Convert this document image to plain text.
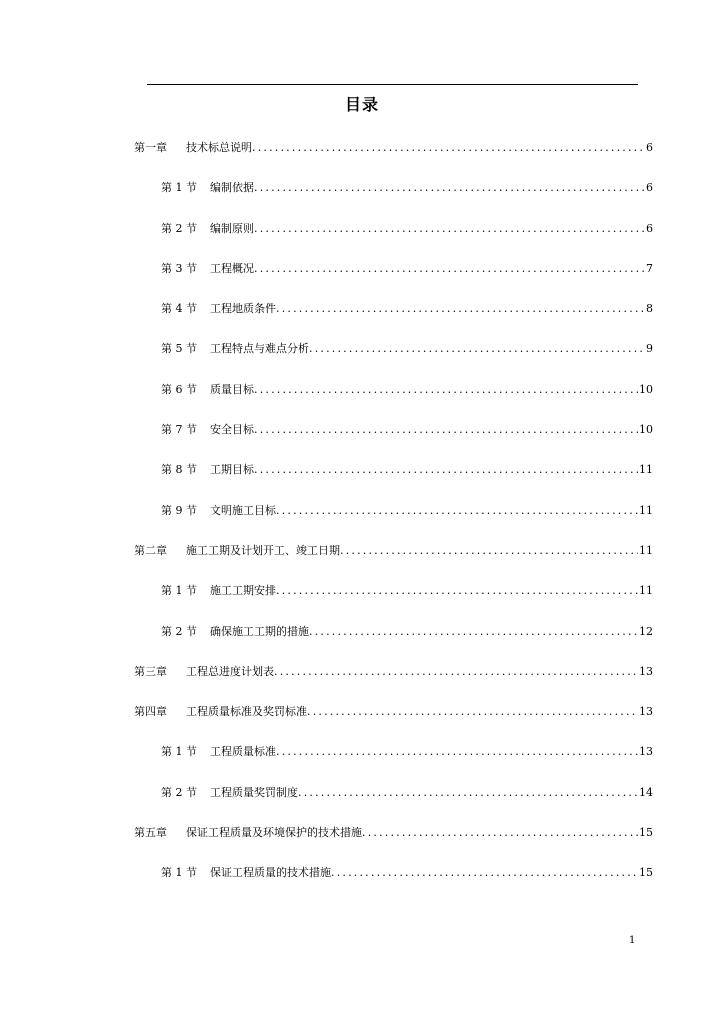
目录
第一章	技术标总说明 .....	6
第 1 节	编制依据 .....	6
第 2 节	编制原则 .....	6
第 3 节	工程概况 .....	7
第 4 节	工程地质条件 .....	8
第 5 节	工程特点与难点分析 .....	9
第 6 节	质量目标 .....	10
第 7 节	安全目标 .....	10
第 8 节	工期目标 .....	11
第 9 节	文明施工目标 .....	11
第二章	施工工期及计划开工、竣工日期 .....	11
第 1 节	施工工期安排 .....	11
第 2 节	确保施工工期的措施 .....	12
第三章	工程总进度计划表 .....	13
第四章	工程质量标准及奖罚标准 .....	13
第 1 节	工程质量标准 .....	13
第 2 节	工程质量奖罚制度 .....	14
第五章	保证工程质量及环境保护的技术措施 .....	15
第 1 节	保证工程质量的技术措施 .....	15
1
